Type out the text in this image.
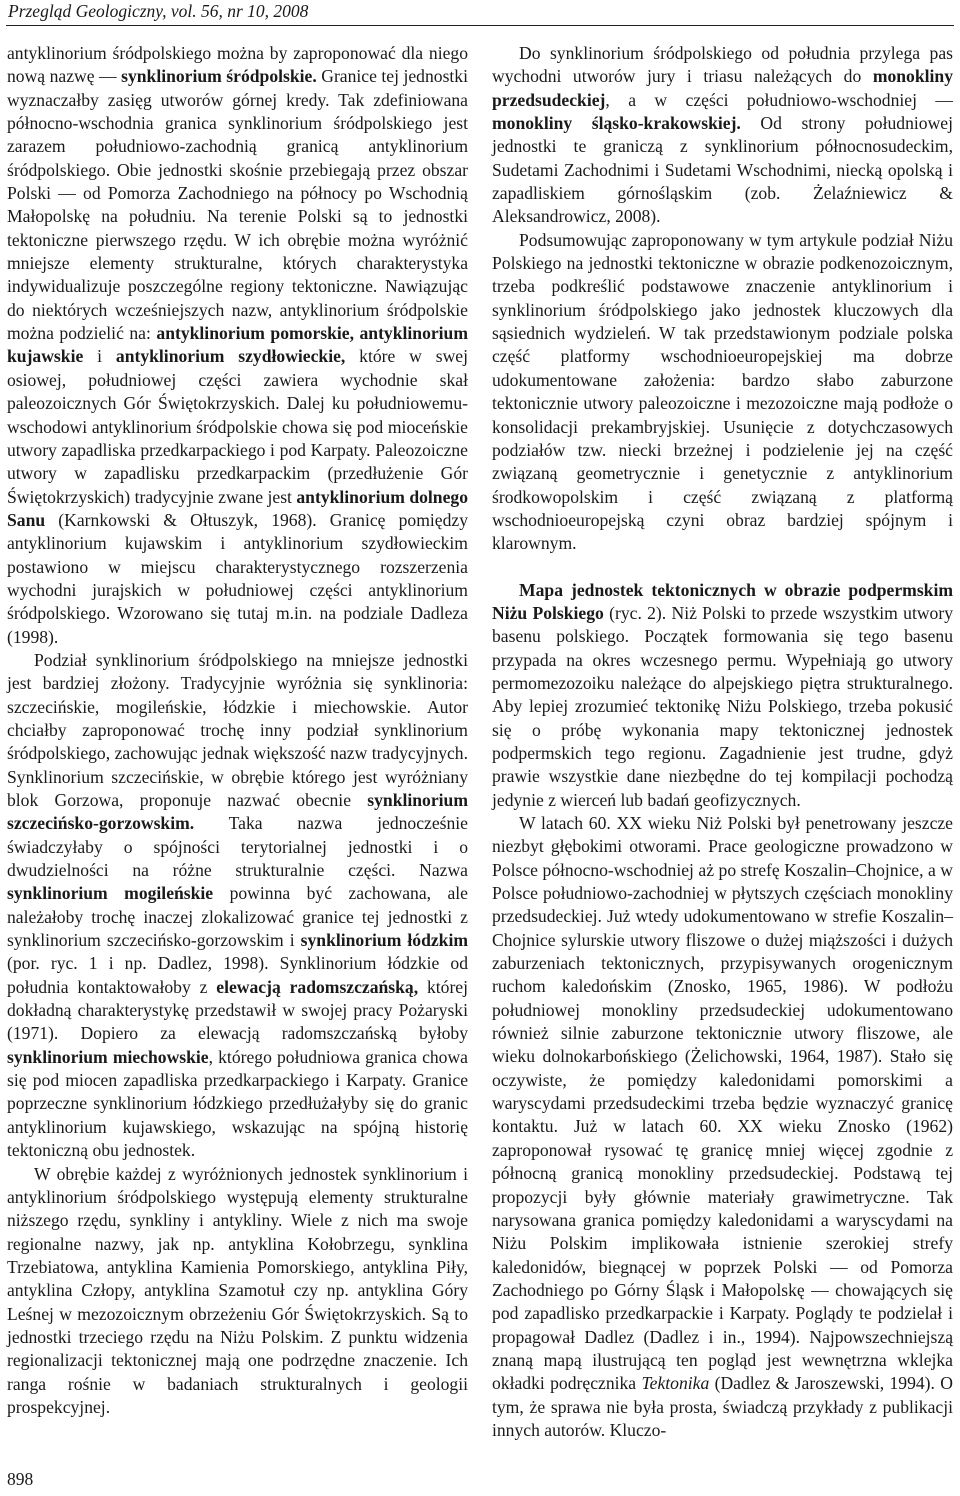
Przegląd Geologiczny, vol. 56, nr 10, 2008

antyklinorium śródpolskiego można by zaproponować dla niego nową nazwę — synklinorium śródpolskie. Granice tej jednostki wyznaczałby zasięg utworów górnej kredy. Tak zdefiniowana północno-wschodnia granica synklinorium śródpolskiego jest zarazem południowo-zachodnią granicą antyklinorium śródpolskiego. Obie jednostki skośnie przebiegają przez obszar Polski — od Pomorza Zachodniego na północy po Wschodnią Małopolskę na południu. Na terenie Polski są to jednostki tektoniczne pierwszego rzędu. W ich obrębie można wyróżnić mniejsze elementy strukturalne, których charakterystyka indywidualizuje poszczególne regiony tektoniczne. Nawiązując do niektórych wcześniejszych nazw, antyklinorium śródpolskie można podzielić na: antyklinorium pomorskie, antyklinorium kujawskie i antyklinorium szydłowieckie, które w swej osiowej, południowej części zawiera wychodnie skał paleozoicznych Gór Świętokrzyskich. Dalej ku południowemu-wschodowi antyklinorium śródpolskie chowa się pod mioceńskie utwory zapadliska przedkarpackiego i pod Karpaty. Paleozoiczne utwory w zapadlisku przedkarpackim (przedłużenie Gór Świętokrzyskich) tradycyjnie zwane jest antyklinorium dolnego Sanu (Karnkowski & Ołtuszyk, 1968). Granicę pomiędzy antyklinorium kujawskim i antyklinorium szydłowieckim postawiono w miejscu charakterystycznego rozszerzenia wychodni jurajskich w południowej części antyklinorium śródpolskiego. Wzorowano się tutaj m.in. na podziale Dadleza (1998).

Podział synklinorium śródpolskiego na mniejsze jednostki jest bardziej złożony. Tradycyjnie wyróżnia się synklinoria: szczecińskie, mogileńskie, łódzkie i miechowskie. Autor chciałby zaproponować trochę inny podział synklinorium śródpolskiego, zachowując jednak większość nazw tradycyjnych. Synklinorium szczecińskie, w obrębie którego jest wyróżniany blok Gorzowa, proponuje nazwać obecnie synklinorium szczecińsko-gorzowskim. Taka nazwa jednocześnie świadczyłaby o spójności terytorialnej jednostki i o dwudzielności na różne strukturalnie części. Nazwa synklinorium mogileńskie powinna być zachowana, ale należałoby trochę inaczej zlokalizować granice tej jednostki z synklinorium szczecińsko-gorzowskim i synklinorium łódzkim (por. ryc. 1 i np. Dadlez, 1998). Synklinorium łódzkie od południa kontaktowałoby z elewacją radomszczańską, której dokładną charakterystykę przedstawił w swojej pracy Pożaryski (1971). Dopiero za elewacją radomszczańską byłoby synklinorium miechowskie, którego południowa granica chowa się pod miocen zapadliska przedkarpackiego i Karpaty. Granice poprzeczne synklinorium łódzkiego przedłużałyby się do granic antyklinorium kujawskiego, wskazując na spójną historię tektoniczną obu jednostek.

W obrębie każdej z wyróżnionych jednostek synklinorium i antyklinorium śródpolskiego występują elementy strukturalne niższego rzędu, synkliny i antykliny. Wiele z nich ma swoje regionalne nazwy, jak np. antyklina Kołobrzegu, synklina Trzebiatowa, antyklina Kamienia Pomorskiego, antyklina Piły, antyklina Człopy, antyklina Szamotuł czy np. antyklina Góry Leśnej w mezozoicznym obrzeżeniu Gór Świętokrzyskich. Są to jednostki trzeciego rzędu na Niżu Polskim. Z punktu widzenia regionalizacji tektonicznej mają one podrzędne znaczenie. Ich ranga rośnie w badaniach strukturalnych i geologii prospekcyjnej.

Do synklinorium śródpolskiego od południa przylega pas wychodni utworów jury i triasu należących do monokliny przedsudeckiej, a w części południowo-wschodniej — monokliny śląsko-krakowskiej. Od strony południowej jednostki te graniczą z synklinorium północnosudeckim, Sudetami Zachodnimi i Sudetami Wschodnimi, niecką opolską i zapadliskiem górnośląskim (zob. Żelaźniewicz & Aleksandrowicz, 2008).

Podsumowując zaproponowany w tym artykule podział Niżu Polskiego na jednostki tektoniczne w obrazie podkenozoicznym, trzeba podkreślić podstawowe znaczenie antyklinorium i synklinorium śródpolskiego jako jednostek kluczowych dla sąsiednich wydzieleń. W tak przedstawionym podziale polska część platformy wschodnioeuropejskiej ma dobrze udokumentowane założenia: bardzo słabo zaburzone tektonicznie utwory paleozoiczne i mezozoiczne mają podłoże o konsolidacji prekambryjskiej. Usunięcie z dotychczasowych podziałów tzw. niecki brzeżnej i podzielenie jej na część związaną geometrycznie i genetycznie z antyklinorium środkowopolskim i część związaną z platformą wschodnioeuropejską czyni obraz bardziej spójnym i klarownym.

Mapa jednostek tektonicznych w obrazie podpermskim Niżu Polskiego (ryc. 2). Niż Polski to przede wszystkim utwory basenu polskiego. Początek formowania się tego basenu przypada na okres wczesnego permu. Wypełniają go utwory permomezozoiku należące do alpejskiego piętra strukturalnego. Aby lepiej zrozumieć tektonikę Niżu Polskiego, trzeba pokusić się o próbę wykonania mapy tektonicznej jednostek podpermskich tego regionu. Zagadnienie jest trudne, gdyż prawie wszystkie dane niezbędne do tej kompilacji pochodzą jedynie z wierceń lub badań geofizycznych.

W latach 60. XX wieku Niż Polski był penetrowany jeszcze niezbyt głębokimi otworami. Prace geologiczne prowadzono w Polsce północno-wschodniej aż po strefę Koszalin–Chojnice, a w Polsce południowo-zachodniej w płytszych częściach monokliny przedsudeckiej. Już wtedy udokumentowano w strefie Koszalin–Chojnice sylurskie utwory fliszowe o dużej miąższości i dużych zaburzeniach tektonicznych, przypisywanych orogenicznym ruchom kaledońskim (Znosko, 1965, 1986). W podłożu południowej monokliny przedsudeckiej udokumentowano również silnie zaburzone tektonicznie utwory fliszowe, ale wieku dolnokarbońskiego (Żelichowski, 1964, 1987). Stało się oczywiste, że pomiędzy kaledonidami pomorskimi a waryscydami przedsudeckimi trzeba będzie wyznaczyć granicę kontaktu. Już w latach 60. XX wieku Znosko (1962) zaproponował rysować tę granicę mniej więcej zgodnie z północną granicą monokliny przedsudeckiej. Podstawą tej propozycji były głównie materiały grawimetryczne. Tak narysowana granica pomiędzy kaledonidami a waryscydami na Niżu Polskim implikowała istnienie szerokiej strefy kaledonidów, biegnącej w poprzek Polski — od Pomorza Zachodniego po Górny Śląsk i Małopolskę — chowających się pod zapadlisko przedkarpackie i Karpaty. Poglądy te podzielał i propagował Dadlez (Dadlez i in., 1994). Najpowszechniejszą znaną mapą ilustrującą ten pogląd jest wewnętrzna wklejka okładki podręcznika Tektonika (Dadlez & Jaroszewski, 1994). O tym, że sprawa nie była prosta, świadczą przykłady z publikacji innych autorów. Kluczo-

898
